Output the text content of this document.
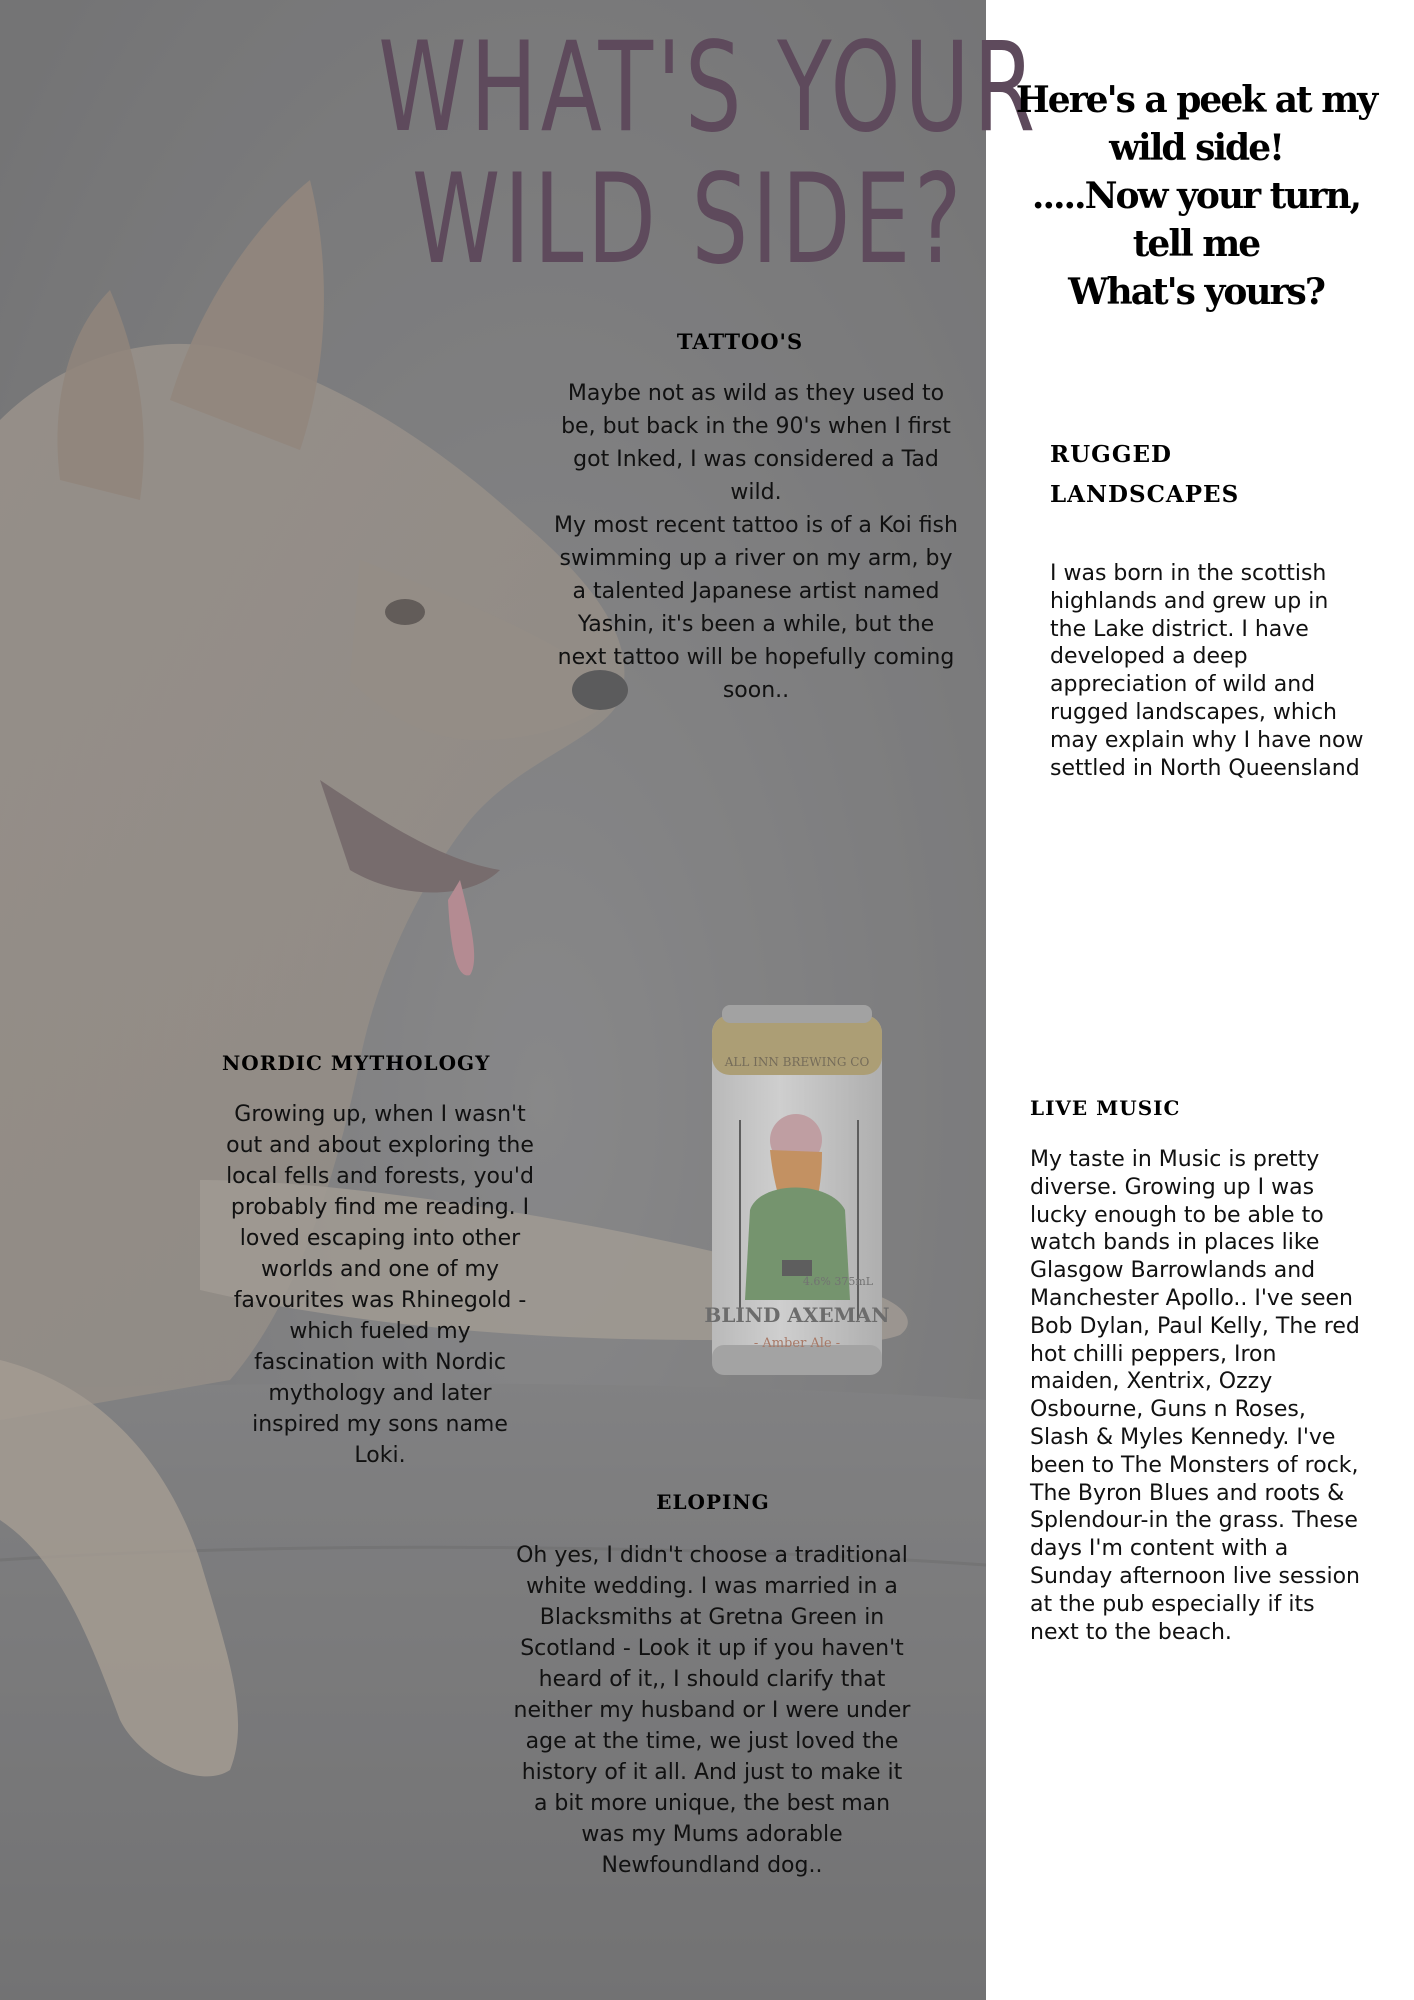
ALL INN BREWING CO
4.6% 375mL
BLIND AXEMAN
- Amber Ale -
WHAT'S YOUR
WILD SIDE?

Here's a peek at my
wild side!
.....Now your turn,
tell me
What's yours?

TATTOO'S
Maybe not as wild as they used to be, but back in the 90's when I first got Inked, I was considered a Tad wild.
My most recent tattoo is of a Koi fish swimming up a river on my arm, by a talented Japanese artist named Yashin, it's been a while, but the next tattoo will be hopefully coming soon..
RUGGED
LANDSCAPES

I was born in the scottish highlands and grew up in the Lake district. I have developed a deep appreciation of wild and rugged landscapes, which may explain why I have now settled in North Queensland

NORDIC MYTHOLOGY

Growing up, when I wasn't out and about exploring the local fells and forests, you'd probably find me reading. I loved escaping into other worlds and one of my favourites was Rhinegold - which fueled my fascination with Nordic mythology and later inspired my sons name Loki.

LIVE MUSIC

My taste in Music is pretty diverse. Growing up I was lucky enough to be able to watch bands in places like Glasgow Barrowlands and Manchester Apollo.. I've seen Bob Dylan, Paul Kelly, The red hot chilli peppers, Iron maiden, Xentrix, Ozzy Osbourne, Guns n Roses, Slash & Myles Kennedy. I've been to The Monsters of rock, The Byron Blues and roots & Splendour-in the grass. These days I'm content with a Sunday afternoon live session at the pub especially if its next to the beach.

ELOPING

Oh yes, I didn't choose a traditional white wedding. I was married in a Blacksmiths at Gretna Green in Scotland - Look it up if you haven't heard of it,, I should clarify that neither my husband or I were under age at the time, we just loved the history of it all. And just to make it a bit more unique, the best man was my Mums adorable Newfoundland dog..
